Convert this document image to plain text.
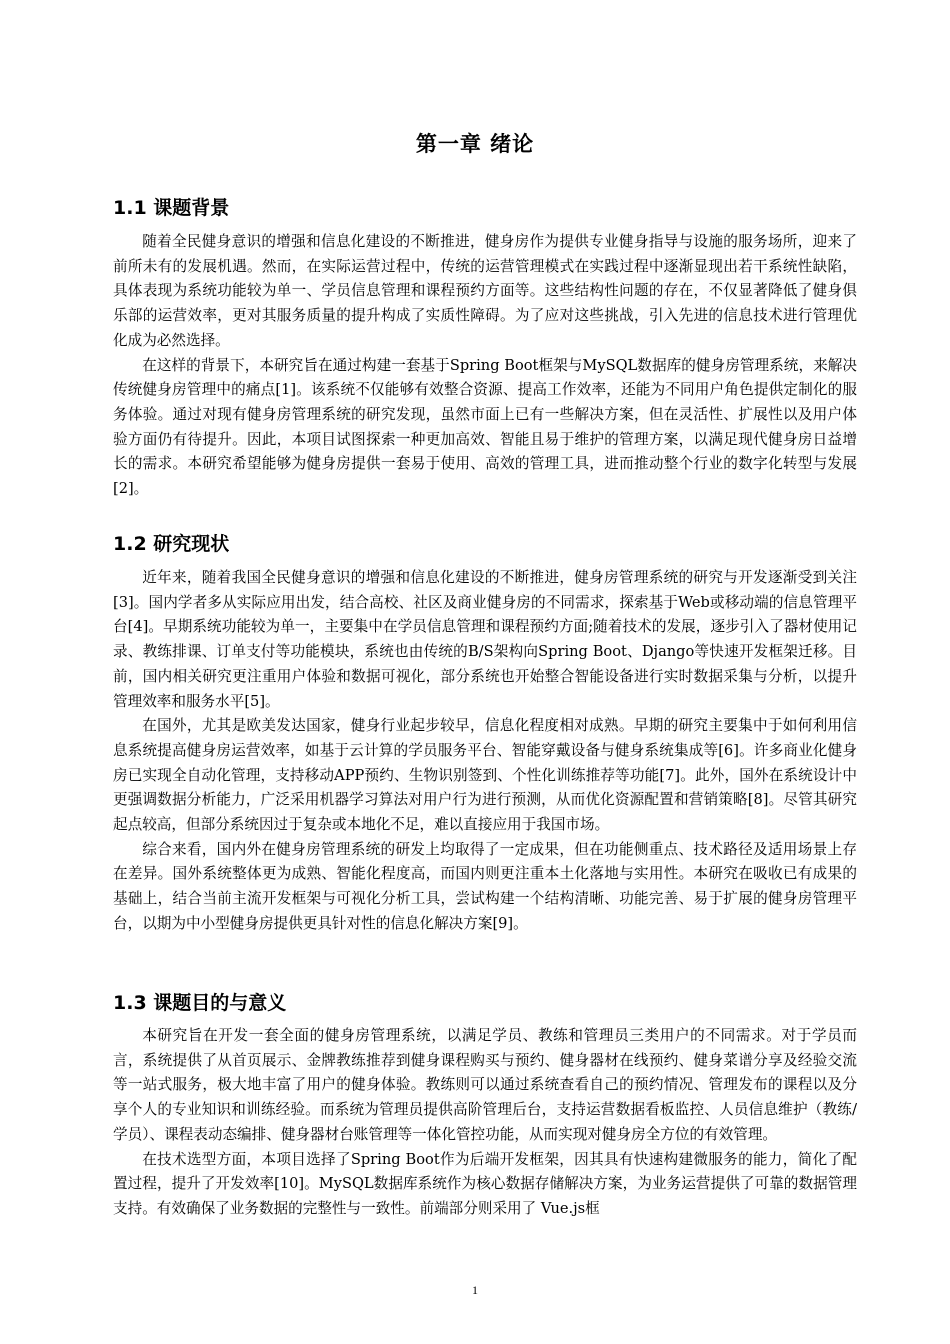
第一章 绪论
1.1 课题背景

随着全民健身意识的增强和信息化建设的不断推进，健身房作为提供专业健身指导与设施的服务场所，迎来了前所未有的发展机遇。然而，在实际运营过程中，传统的运营管理模式在实践过程中逐渐显现出若干系统性缺陷，具体表现为系统功能较为单一、学员信息管理和课程预约方面等。这些结构性问题的存在，不仅显著降低了健身俱乐部的运营效率，更对其服务质量的提升构成了实质性障碍。为了应对这些挑战，引入先进的信息技术进行管理优化成为必然选择。

在这样的背景下，本研究旨在通过构建一套基于Spring Boot框架与MySQL数据库的健身房管理系统，来解决传统健身房管理中的痛点[1]。该系统不仅能够有效整合资源、提高工作效率，还能为不同用户角色提供定制化的服务体验。通过对现有健身房管理系统的研究发现，虽然市面上已有一些解决方案，但在灵活性、扩展性以及用户体验方面仍有待提升。因此，本项目试图探索一种更加高效、智能且易于维护的管理方案，以满足现代健身房日益增长的需求。本研究希望能够为健身房提供一套易于使用、高效的管理工具，进而推动整个行业的数字化转型与发展[2]。

1.2 研究现状

近年来，随着我国全民健身意识的增强和信息化建设的不断推进，健身房管理系统的研究与开发逐渐受到关注[3]。国内学者多从实际应用出发，结合高校、社区及商业健身房的不同需求，探索基于Web或移动端的信息管理平台[4]。早期系统功能较为单一，主要集中在学员信息管理和课程预约方面;随着技术的发展，逐步引入了器材使用记录、教练排课、订单支付等功能模块，系统也由传统的B/S架构向Spring Boot、Django等快速开发框架迁移。目前，国内相关研究更注重用户体验和数据可视化，部分系统也开始整合智能设备进行实时数据采集与分析，以提升管理效率和服务水平[5]。

在国外，尤其是欧美发达国家，健身行业起步较早，信息化程度相对成熟。早期的研究主要集中于如何利用信息系统提高健身房运营效率，如基于云计算的学员服务平台、智能穿戴设备与健身系统集成等[6]。许多商业化健身房已实现全自动化管理，支持移动APP预约、生物识别签到、个性化训练推荐等功能[7]。此外，国外在系统设计中更强调数据分析能力，广泛采用机器学习算法对用户行为进行预测，从而优化资源配置和营销策略[8]。尽管其研究起点较高，但部分系统因过于复杂或本地化不足，难以直接应用于我国市场。

综合来看，国内外在健身房管理系统的研发上均取得了一定成果，但在功能侧重点、技术路径及适用场景上存在差异。国外系统整体更为成熟、智能化程度高，而国内则更注重本土化落地与实用性。本研究在吸收已有成果的基础上，结合当前主流开发框架与可视化分析工具，尝试构建一个结构清晰、功能完善、易于扩展的健身房管理平台，以期为中小型健身房提供更具针对性的信息化解决方案[9]。

1.3 课题目的与意义

本研究旨在开发一套全面的健身房管理系统，以满足学员、教练和管理员三类用户的不同需求。对于学员而言，系统提供了从首页展示、金牌教练推荐到健身课程购买与预约、健身器材在线预约、健身菜谱分享及经验交流等一站式服务，极大地丰富了用户的健身体验。教练则可以通过系统查看自己的预约情况、管理发布的课程以及分享个人的专业知识和训练经验。而系统为管理员提供高阶管理后台，支持运营数据看板监控、人员信息维护（教练/学员）、课程表动态编排、健身器材台账管理等一体化管控功能，从而实现对健身房全方位的有效管理。

在技术选型方面，本项目选择了Spring Boot作为后端开发框架，因其具有快速构建微服务的能力，简化了配置过程，提升了开发效率[10]。MySQL数据库系统作为核心数据存储解决方案，为业务运营提供了可靠的数据管理支持。有效确保了业务数据的完整性与一致性。前端部分则采用了 Vue.js框

1
